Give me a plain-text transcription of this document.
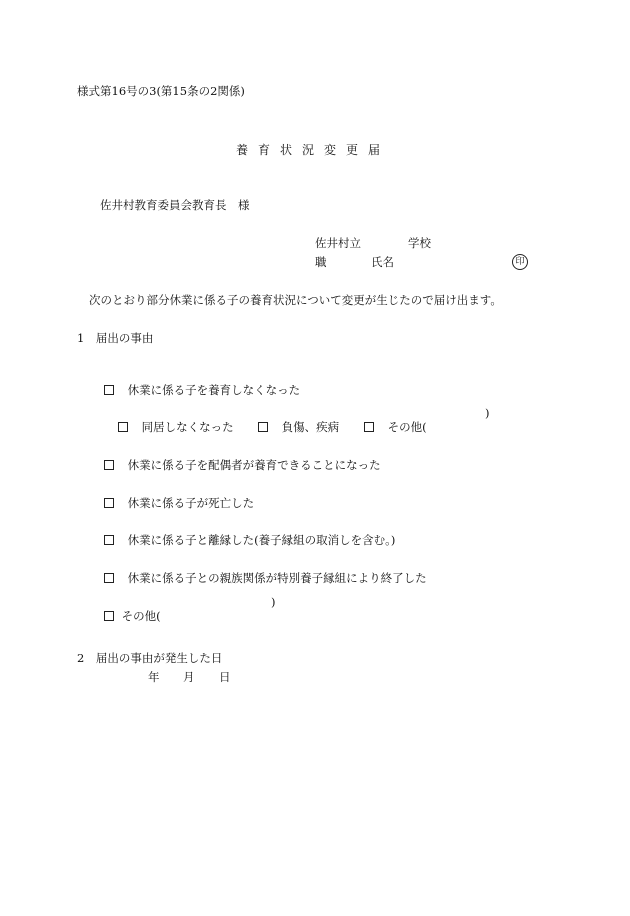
様式第16号の3(第15条の2関係)
養育状況変更届
佐井村教育委員会教育長　様
佐井村立	学校
職	氏名	印
次のとおり部分休業に係る子の養育状況について変更が生じたので届け出ます。
1　届出の事由

休業に係る子を養育しなくなった

同居しなくなった
	負傷、疾病
	その他(

)

休業に係る子を配偶者が養育できることになった

休業に係る子が死亡した

休業に係る子と離縁した(養子縁組の取消しを含む。)

休業に係る子との親族関係が特別養子縁組により終了した

その他(

)
2　届出の事由が発生した日
年 月 日
